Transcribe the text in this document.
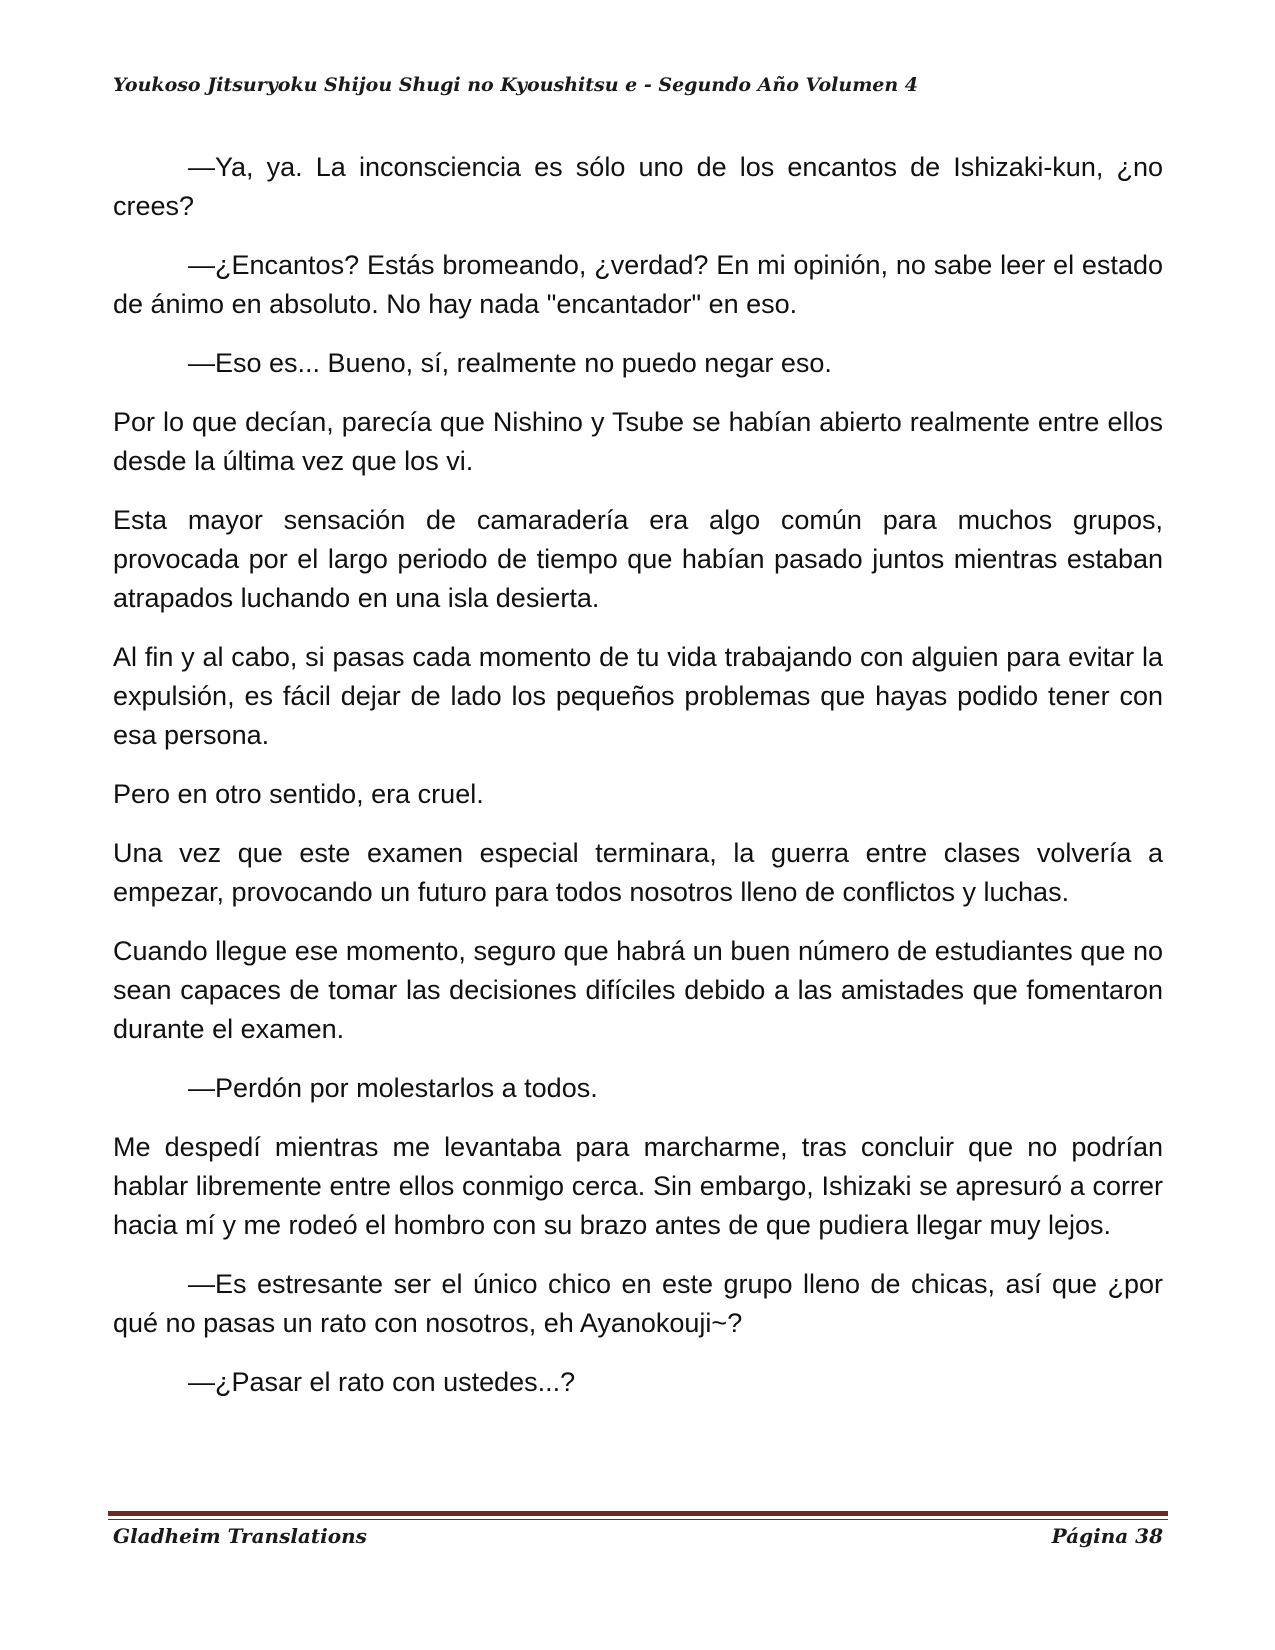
Youkoso Jitsuryoku Shijou Shugi no Kyoushitsu e - Segundo Año Volumen 4

—Ya, ya. La inconsciencia es sólo uno de los encantos de Ishizaki-kun, ¿no crees?

—¿Encantos? Estás bromeando, ¿verdad? En mi opinión, no sabe leer el estado de ánimo en absoluto. No hay nada "encantador" en eso.

—Eso es... Bueno, sí, realmente no puedo negar eso.

Por lo que decían, parecía que Nishino y Tsube se habían abierto realmente entre ellos desde la última vez que los vi.

Esta mayor sensación de camaradería era algo común para muchos grupos, provocada por el largo periodo de tiempo que habían pasado juntos mientras estaban atrapados luchando en una isla desierta.

Al fin y al cabo, si pasas cada momento de tu vida trabajando con alguien para evitar la expulsión, es fácil dejar de lado los pequeños problemas que hayas podido tener con esa persona.

Pero en otro sentido, era cruel.

Una vez que este examen especial terminara, la guerra entre clases volvería a empezar, provocando un futuro para todos nosotros lleno de conflictos y luchas.

Cuando llegue ese momento, seguro que habrá un buen número de estudiantes que no sean capaces de tomar las decisiones difíciles debido a las amistades que fomentaron durante el examen.

—Perdón por molestarlos a todos.

Me despedí mientras me levantaba para marcharme, tras concluir que no podrían hablar libremente entre ellos conmigo cerca. Sin embargo, Ishizaki se apresuró a correr hacia mí y me rodeó el hombro con su brazo antes de que pudiera llegar muy lejos.

—Es estresante ser el único chico en este grupo lleno de chicas, así que ¿por qué no pasas un rato con nosotros, eh Ayanokouji~?

—¿Pasar el rato con ustedes...?

Gladheim Translations	Página 38
